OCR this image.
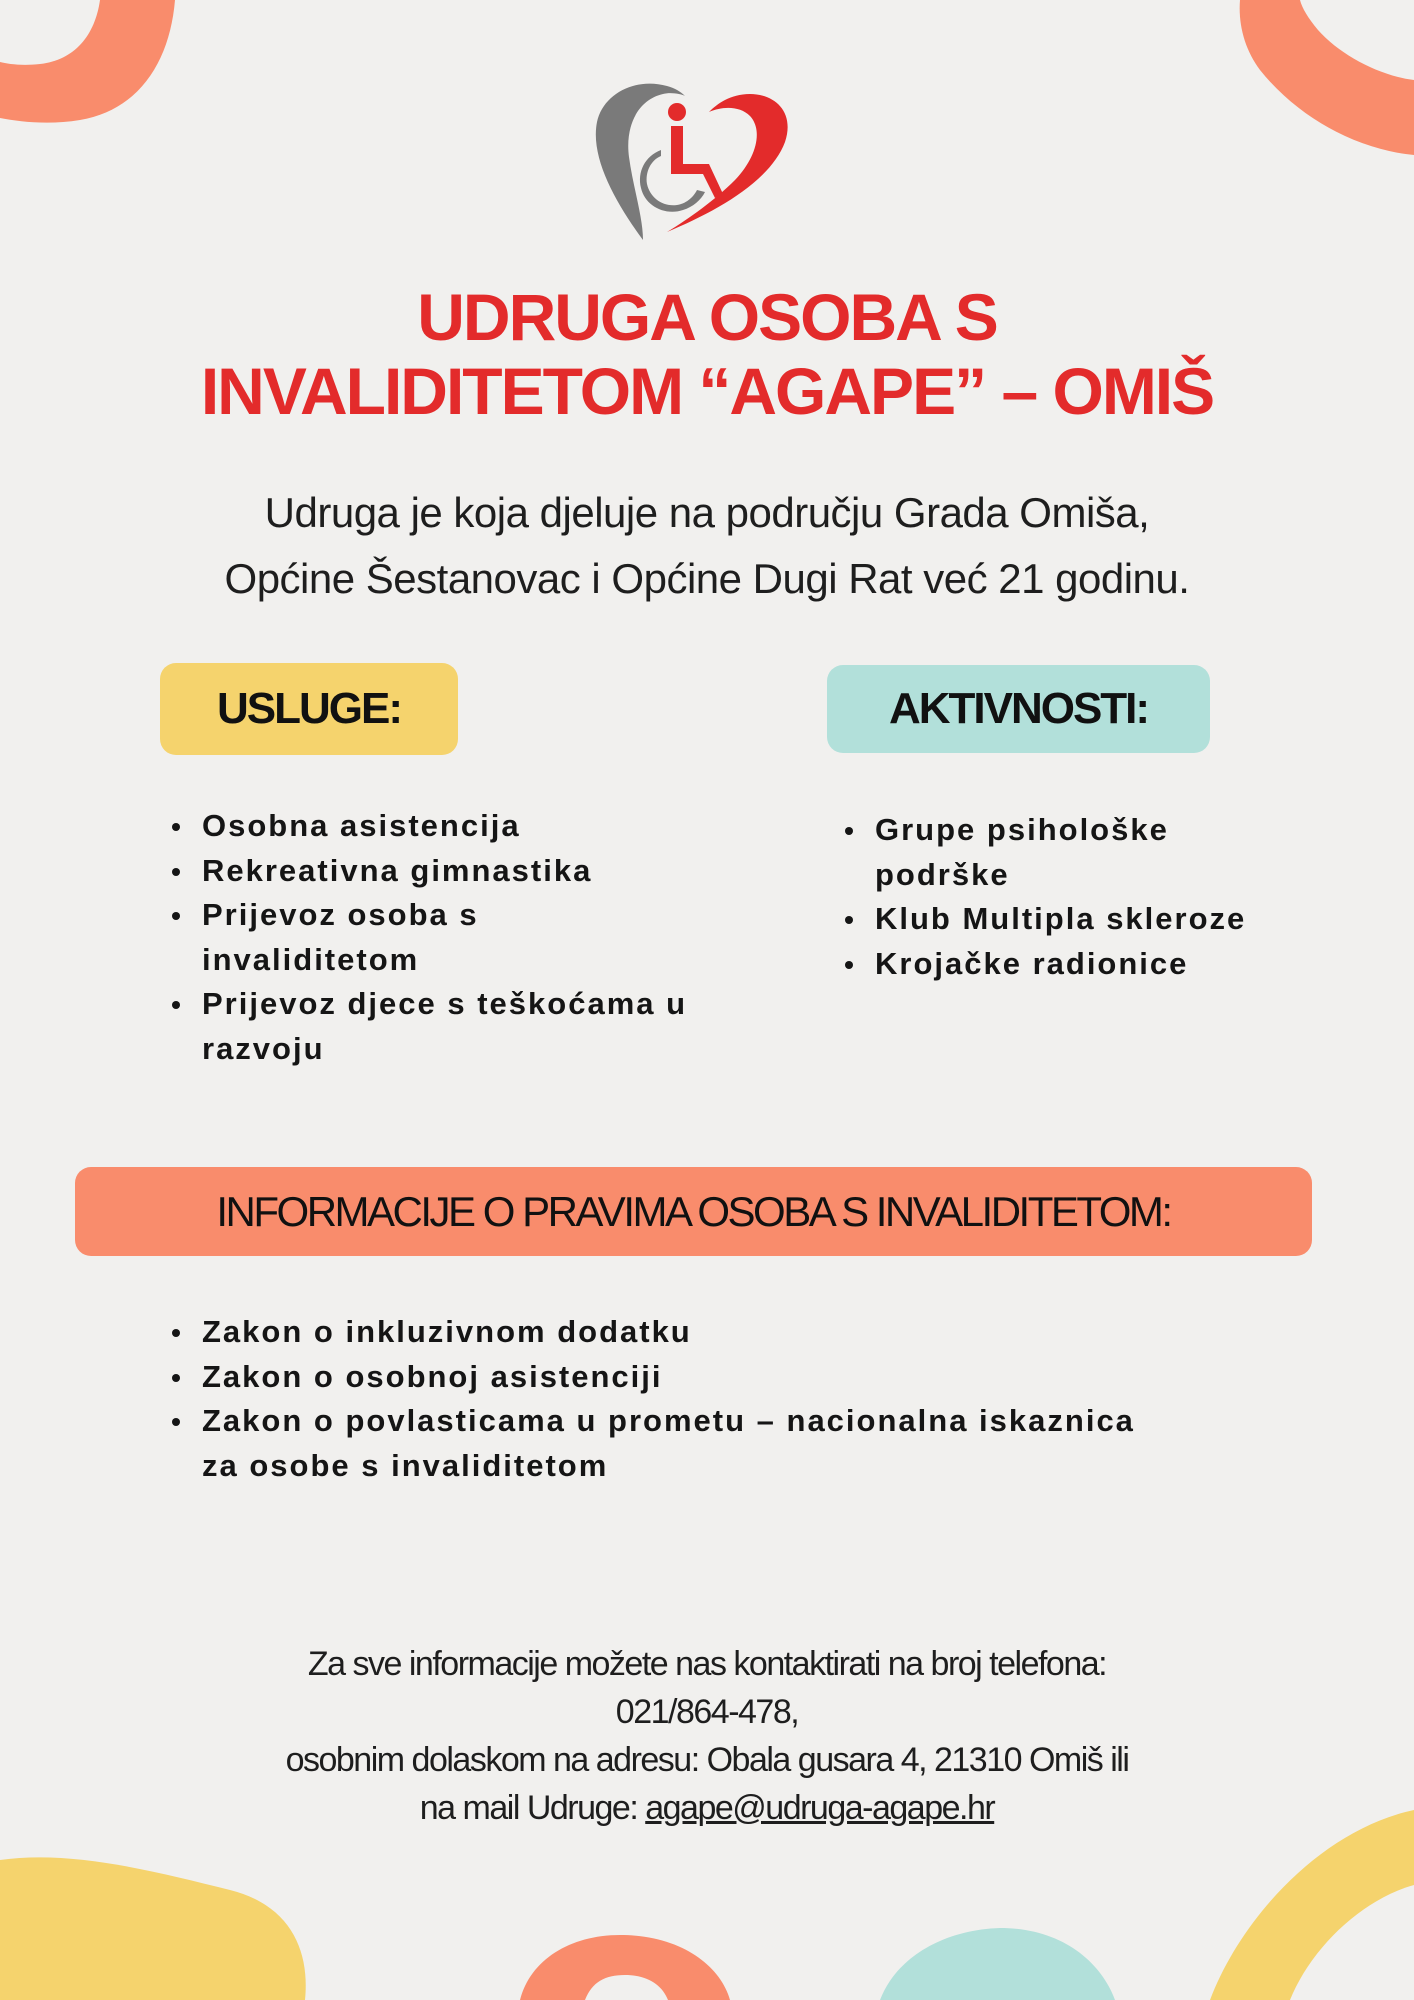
UDRUGA OSOBA S
INVALIDITETOM “AGAPE” – OMIŠ
Udruga je koja djeluje na području Grada Omiša,
Općine Šestanovac i Općine Dugi Rat već 21 godinu.
USLUGE:	AKTIVNOSTI:
Osobna asistencija
Rekreativna gimnastika
Prijevoz osoba s invaliditetom
Prijevoz djece s teškoćama u razvoju
Grupe psihološke podrške
Klub Multipla skleroze
Krojačke radionice
INFORMACIJE O PRAVIMA OSOBA S INVALIDITETOM:
Zakon o inkluzivnom dodatku
Zakon o osobnoj asistenciji
Zakon o povlasticama u prometu – nacionalna iskaznica za osobe s invaliditetom
Za sve informacije možete nas kontaktirati na broj telefona:
021/864-478,
osobnim dolaskom na adresu: Obala gusara 4, 21310 Omiš ili
na mail Udruge: agape@udruga-agape.hr
